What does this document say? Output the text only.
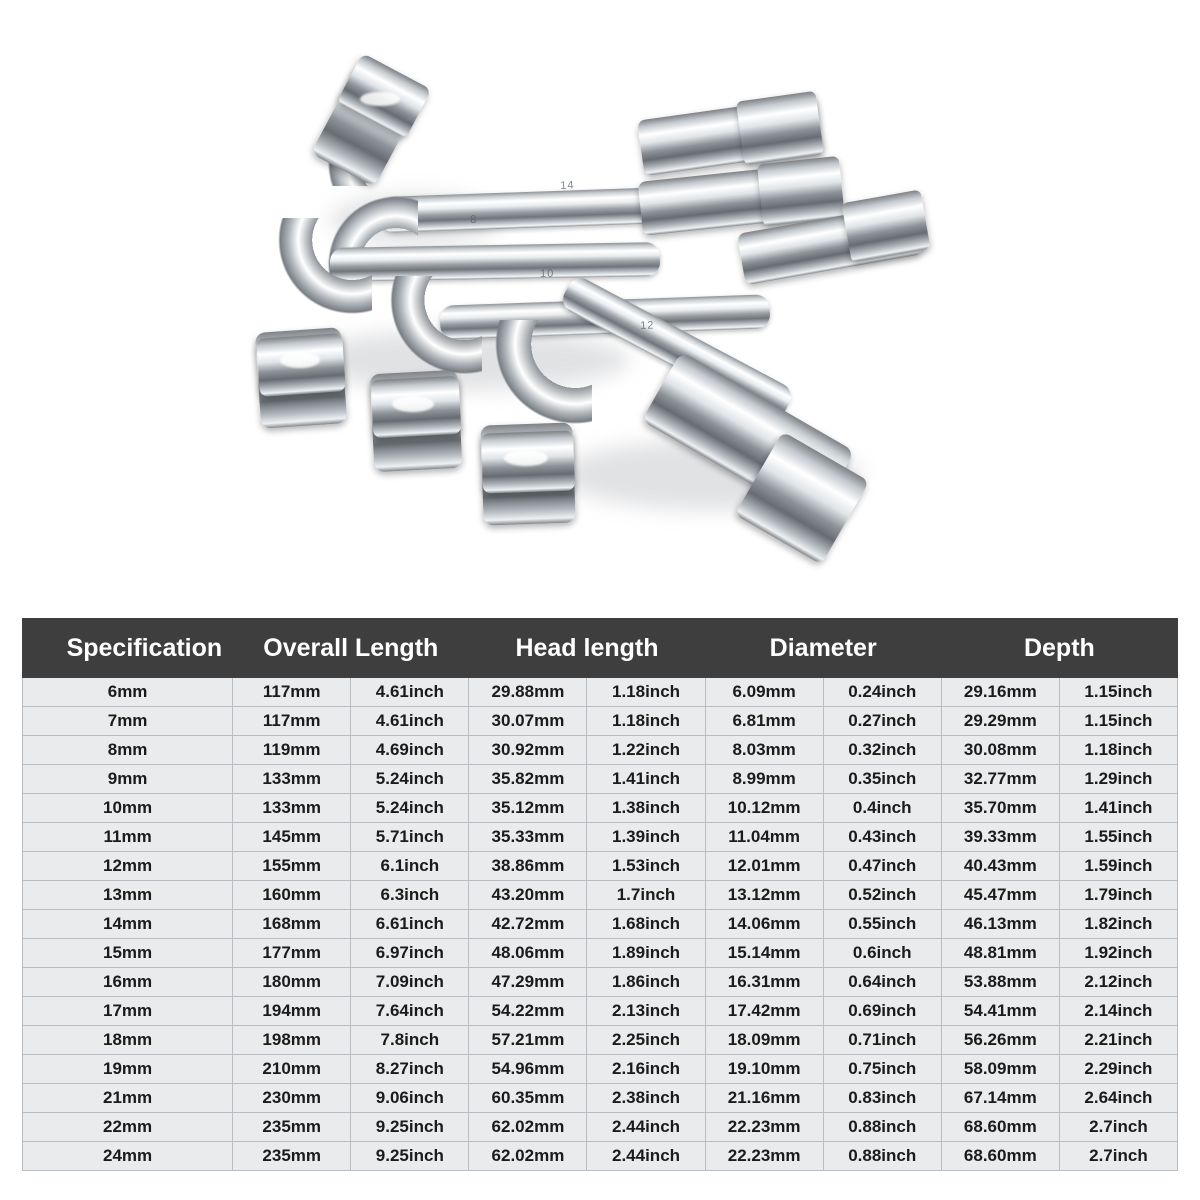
8
10
12
14
Specification	Overall Length		Head length		Diameter		Depth	
6mm	117mm	4.61inch	29.88mm	1.18inch	6.09mm	0.24inch	29.16mm	1.15inch
7mm	117mm	4.61inch	30.07mm	1.18inch	6.81mm	0.27inch	29.29mm	1.15inch
8mm	119mm	4.69inch	30.92mm	1.22inch	8.03mm	0.32inch	30.08mm	1.18inch
9mm	133mm	5.24inch	35.82mm	1.41inch	8.99mm	0.35inch	32.77mm	1.29inch
10mm	133mm	5.24inch	35.12mm	1.38inch	10.12mm	0.4inch	35.70mm	1.41inch
11mm	145mm	5.71inch	35.33mm	1.39inch	11.04mm	0.43inch	39.33mm	1.55inch
12mm	155mm	6.1inch	38.86mm	1.53inch	12.01mm	0.47inch	40.43mm	1.59inch
13mm	160mm	6.3inch	43.20mm	1.7inch	13.12mm	0.52inch	45.47mm	1.79inch
14mm	168mm	6.61inch	42.72mm	1.68inch	14.06mm	0.55inch	46.13mm	1.82inch
15mm	177mm	6.97inch	48.06mm	1.89inch	15.14mm	0.6inch	48.81mm	1.92inch
16mm	180mm	7.09inch	47.29mm	1.86inch	16.31mm	0.64inch	53.88mm	2.12inch
17mm	194mm	7.64inch	54.22mm	2.13inch	17.42mm	0.69inch	54.41mm	2.14inch
18mm	198mm	7.8inch	57.21mm	2.25inch	18.09mm	0.71inch	56.26mm	2.21inch
19mm	210mm	8.27inch	54.96mm	2.16inch	19.10mm	0.75inch	58.09mm	2.29inch
21mm	230mm	9.06inch	60.35mm	2.38inch	21.16mm	0.83inch	67.14mm	2.64inch
22mm	235mm	9.25inch	62.02mm	2.44inch	22.23mm	0.88inch	68.60mm	2.7inch
24mm	235mm	9.25inch	62.02mm	2.44inch	22.23mm	0.88inch	68.60mm	2.7inch
